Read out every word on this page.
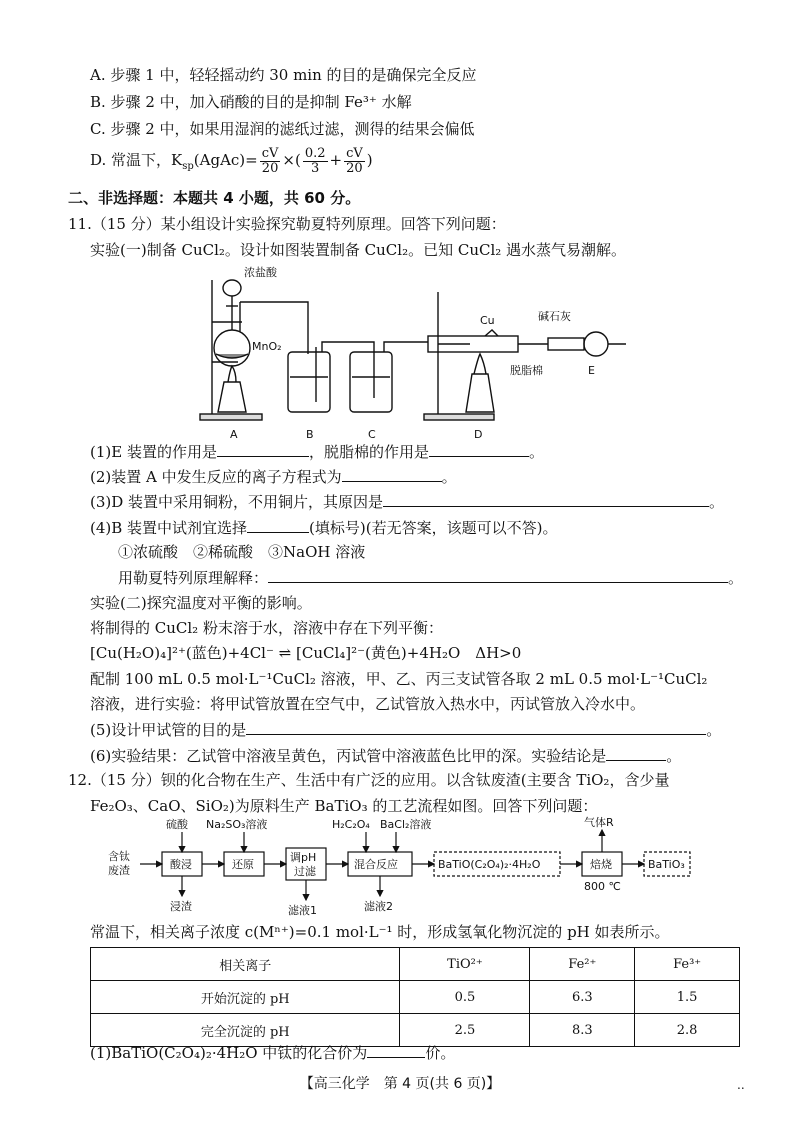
A. 步骤 1 中，轻轻摇动约 30 min 的目的是确保完全反应
B. 步骤 2 中，加入硝酸的目的是抑制 Fe³⁺ 水解
C. 步骤 2 中，如果用湿润的滤纸过滤，测得的结果会偏低
D. 常温下，$K_{sp}(AgAc)= \frac{cV}{20}$ ×( $\frac{0.2}{3} + \frac{cV}{20}$ )
二、非选择题：本题共 4 小题，共 60 分。
11.（15 分）某小组设计实验探究勒夏特列原理。回答下列问题：
实验(一)制备 CuCl₂。设计如图装置制备 CuCl₂。已知 CuCl₂ 遇水蒸气易潮解。
浓盐酸
MnO₂
Cu	碱石灰
脱脂棉
A	B	C	D
E
(1)E 装置的作用是	，脱脂棉的作用是	。
(2)装置 A 中发生反应的离子方程式为	。
(3)D 装置中采用铜粉，不用铜片，其原因是	。
(4)B 装置中试剂宜选择	(填标号)(若无答案，该题可以不答)。
①浓硫酸　②稀硫酸　③NaOH 溶液
用勒夏特列原理解释：	。
实验(二)探究温度对平衡的影响。
将制得的 CuCl₂ 粉末溶于水，溶液中存在下列平衡：
[Cu(H₂O)₄]²⁺(蓝色)+4Cl⁻ ⇌ [CuCl₄]²⁻(黄色)+4H₂O　ΔH>0
配制 100 mL 0.5 mol·L⁻¹CuCl₂ 溶液，甲、乙、丙三支试管各取 2 mL 0.5 mol·L⁻¹CuCl₂
溶液，进行实验：将甲试管放置在空气中，乙试管放入热水中，丙试管放入冷水中。
(5)设计甲试管的目的是	。
(6)实验结果：乙试管中溶液呈黄色，丙试管中溶液蓝色比甲的深。实验结论是	。
12.（15 分）钡的化合物在生产、生活中有广泛的应用。以含钛废渣(主要含 TiO₂，含少量
Fe₂O₃、CaO、SiO₂)为原料生产 BaTiO₃ 的工艺流程如图。回答下列问题：
硫酸 Na₂SO₃溶液	H₂C₂O₄ BaCl₂溶液	气体R
含钛
废渣	酸浸	还原
调pH
过滤
混合反应	BaTiO(C₂O₄)₂·4H₂O	焙烧
800 ℃
BaTiO₃
浸渣	滤液1	滤液2
常温下，相关离子浓度 c(Mⁿ⁺)=0.1 mol·L⁻¹ 时，形成氢氧化物沉淀的 pH 如表所示。
相关离子	TiO²⁺	Fe²⁺	Fe³⁺
开始沉淀的 pH	0.5	6.3	1.5
完全沉淀的 pH	2.5	8.3	2.8
(1)BaTiO(C₂O₄)₂·4H₂O 中钛的化合价为	价。
【高三化学　第 4 页(共 6 页)】	..
